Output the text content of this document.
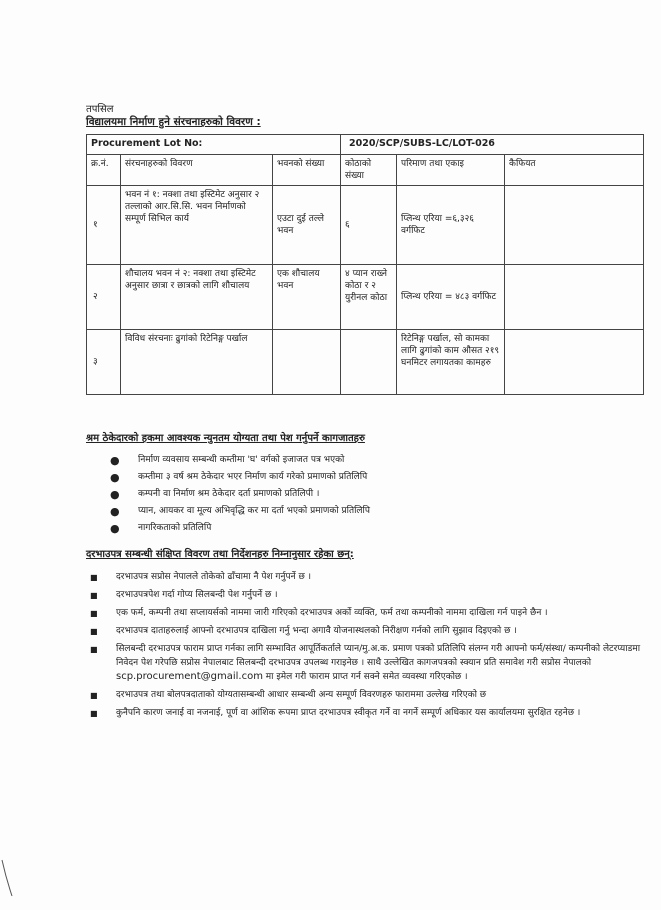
तपसिल
विद्यालयमा निर्माण हुने संरचनाहरुको विवरण :
Procurement Lot No:			2020/SCP/SUBS-LC/LOT-026		
क्र.नं.	संरचनाहरुको विवरण	भवनको संख्या	कोठाको संख्या	परिमाण तथा एकाइ	कैफियत
१	भवन नं १: नक्शा तथा इस्टिमेट अनुसार २ तल्लाको आर.सि.सि. भवन निर्माणको सम्पूर्ण सिभिल कार्य	एउटा दुई तल्ले भवन	६	प्लिन्थ एरिया =६,३२६ वर्गफिट	
२	शौचालय भवन नं २: नक्शा तथा इस्टिमेट अनुसार छात्रा र छात्रको लागि शौचालय	एक शौचालय भवन	४ प्यान राख्ने कोठा र २ युरीनल कोठा	प्लिन्थ एरिया = ४८३ वर्गफिट	
३	विविध संरचनाः ढुगांको रिटेनिङ्ग पर्खाल			रिटेनिङ्ग पर्खाल, सो कामका लागि ढुगांको काम औसत २१९ घनमिटर लगायतका कामहरु	
श्रम ठेकेदारको हकमा आवश्यक न्युनतम योग्यता तथा पेश गर्नुपर्ने कागजातहरु
● निर्माण व्यवसाय सम्बन्धी कम्तीमा 'घ' वर्गको इजाजत पत्र भएको
● कम्तीमा ३ वर्ष श्रम ठेकेदार भएर निर्माण कार्य गरेको प्रमाणको प्रतिलिपि
● कम्पनी वा निर्माण श्रम ठेकेदार दर्ता प्रमाणको प्रतिलिपी ।
● प्यान, आयकर वा मूल्य अभिवृद्धि कर मा दर्ता भएको प्रमाणको प्रतिलिपि
● नागरिकताको प्रतिलिपि
दरभाउपत्र सम्बन्धी संक्षिप्त विवरण तथा निर्देशनहरु निम्नानुसार रहेका छन्:
■ दरभाउपत्र सप्रोस नेपालले तोकेको ढाँचामा नै पेश गर्नुपर्ने छ ।
■ दरभाउपत्रपेश गर्दा गोप्य सिलबन्दी पेश गर्नुपर्ने छ ।
■ एक फर्म, कम्पनी तथा सप्लायर्सको नाममा जारी गरिएको दरभाउपत्र अर्को व्यक्ति, फर्म तथा कम्पनीको नाममा दाखिला गर्न पाइने छैन ।
■ दरभाउपत्र दाताहरुलाई आफ्नो दरभाउपत्र दाखिला गर्नु भन्दा अगावै योजनास्थलको निरीक्षण गर्नको लागि सुझाव दिइएको छ ।
■ सिलबन्दी दरभाउपत्र फाराम प्राप्त गर्नका लागि सम्भावित आपूर्तिकर्ताले प्यान/मु.अ.क. प्रमाण पत्रको प्रतिलिपि संलग्न गरी आफ्नो फर्म/संस्था/ कम्पनीको लेटरप्याडमा निवेदन पेश गरेपछि सप्रोस नेपालबाट सिलबन्दी दरभाउपत्र उपलब्ध गराइनेछ । साथै उल्लेखित कागजपत्रको स्क्यान प्रति समावेश गरी सप्रोस नेपालको scp.procurement@gmail.com मा इमेल गरी फाराम प्राप्त गर्न सक्ने समेत व्यवस्था गरिएकोछ ।
■ दरभाउपत्र तथा बोलपत्रदाताको योग्यतासम्बन्धी आधार सम्बन्धी अन्य सम्पूर्ण विवरणहरु फाराममा उल्लेख गरिएको छ
■ कुनैपनि कारण जनाई वा नजनाई, पूर्ण वा आंशिक रूपमा प्राप्त दरभाउपत्र स्वीकृत गर्ने वा नगर्ने सम्पूर्ण अधिकार यस कार्यालयमा सुरक्षित रहनेछ ।
